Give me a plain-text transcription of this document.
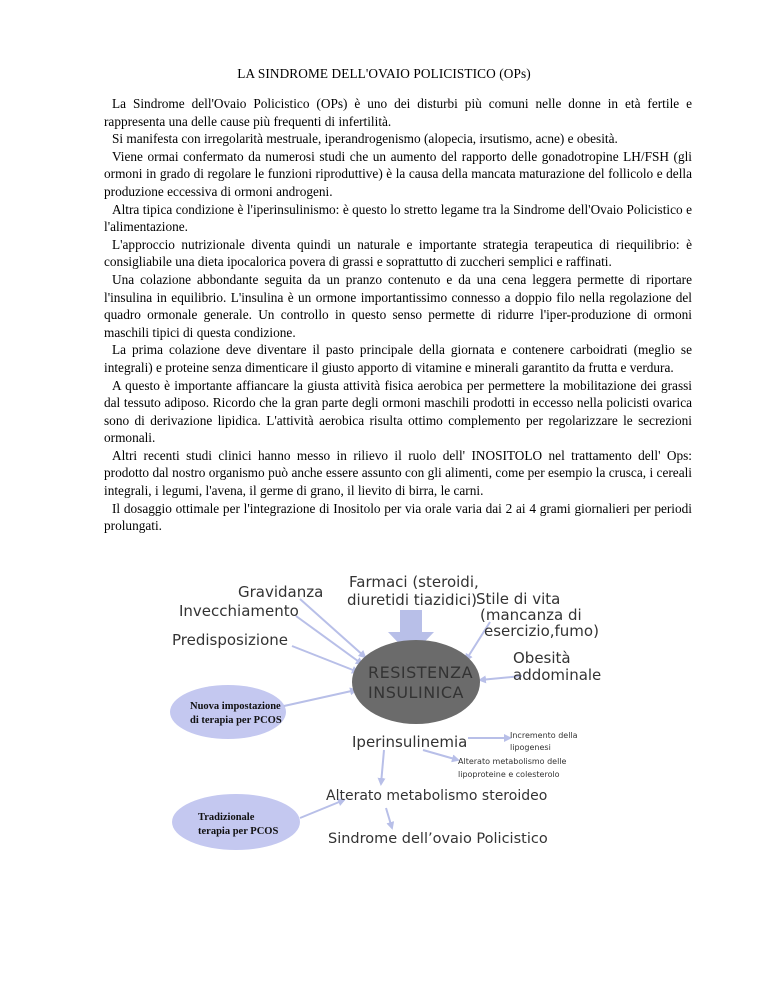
LA SINDROME DELL'OVAIO POLICISTICO (OPs)

La Sindrome dell'Ovaio Policistico (OPs) è uno dei disturbi più comuni nelle donne in età fertile e rappresenta una delle cause più frequenti di infertilità.

Si manifesta con irregolarità mestruale, iperandrogenismo (alopecia, irsutismo, acne) e obesità.

Viene ormai confermato da numerosi studi che un aumento del rapporto delle gonadotropine LH/FSH (gli ormoni in grado di regolare le funzioni riproduttive) è la causa della mancata maturazione del follicolo e della produzione eccessiva di ormoni androgeni.

Altra tipica condizione è l'iperinsulinismo: è questo lo stretto legame tra la Sindrome dell'Ovaio Policistico e l'alimentazione.

L'approccio nutrizionale diventa quindi un naturale e importante strategia terapeutica di riequilibrio: è consigliabile una dieta ipocalorica povera di grassi e soprattutto di zuccheri semplici e raffinati.

Una colazione abbondante seguita da un pranzo contenuto e da una cena leggera permette di riportare l'insulina in equilibrio. L'insulina è un ormone importantissimo connesso a doppio filo nella regolazione del quadro ormonale generale. Un controllo in questo senso permette di ridurre l'iper-produzione di ormoni maschili tipici di questa condizione.

La prima colazione deve diventare il pasto principale della giornata e contenere carboidrati (meglio se integrali) e proteine senza dimenticare il giusto apporto di vitamine e minerali garantito da frutta e verdura.

A questo è importante affiancare la giusta attività fisica aerobica per permettere la mobilitazione dei grassi dal tessuto adiposo. Ricordo che la gran parte degli ormoni maschili prodotti in eccesso nella policisti ovarica sono di derivazione lipidica. L'attività aerobica risulta ottimo complemento per regolarizzare le secrezioni ormonali.

Altri recenti studi clinici hanno messo in rilievo il ruolo dell' INOSITOLO nel trattamento dell' Ops: prodotto dal nostro organismo può anche essere assunto con gli alimenti, come per esempio la crusca, i cereali integrali, i legumi, l'avena, il germe di grano, il lievito di birra, le carni.

Il dosaggio ottimale per l'integrazione di Inositolo per via orale varia dai 2 ai 4 grami giornalieri per periodi prolungati.

RESISTENZA
INSULINICA
Gravidanza
Invecchiamento
Predisposizione
Farmaci (steroidi,
diuretidi tiazidici)
Stile di vita
(mancanza di
esercizio,fumo)
Obesità
addominale
Nuova impostazione
di terapia per PCOS
Tradizionale
terapia per PCOS
Iperinsulinemia	Incremento della
lipogenesi
Alterato metabolismo delle
lipoproteine e colesterolo
Alterato metabolismo steroideo
Sindrome dell’ovaio Policistico
